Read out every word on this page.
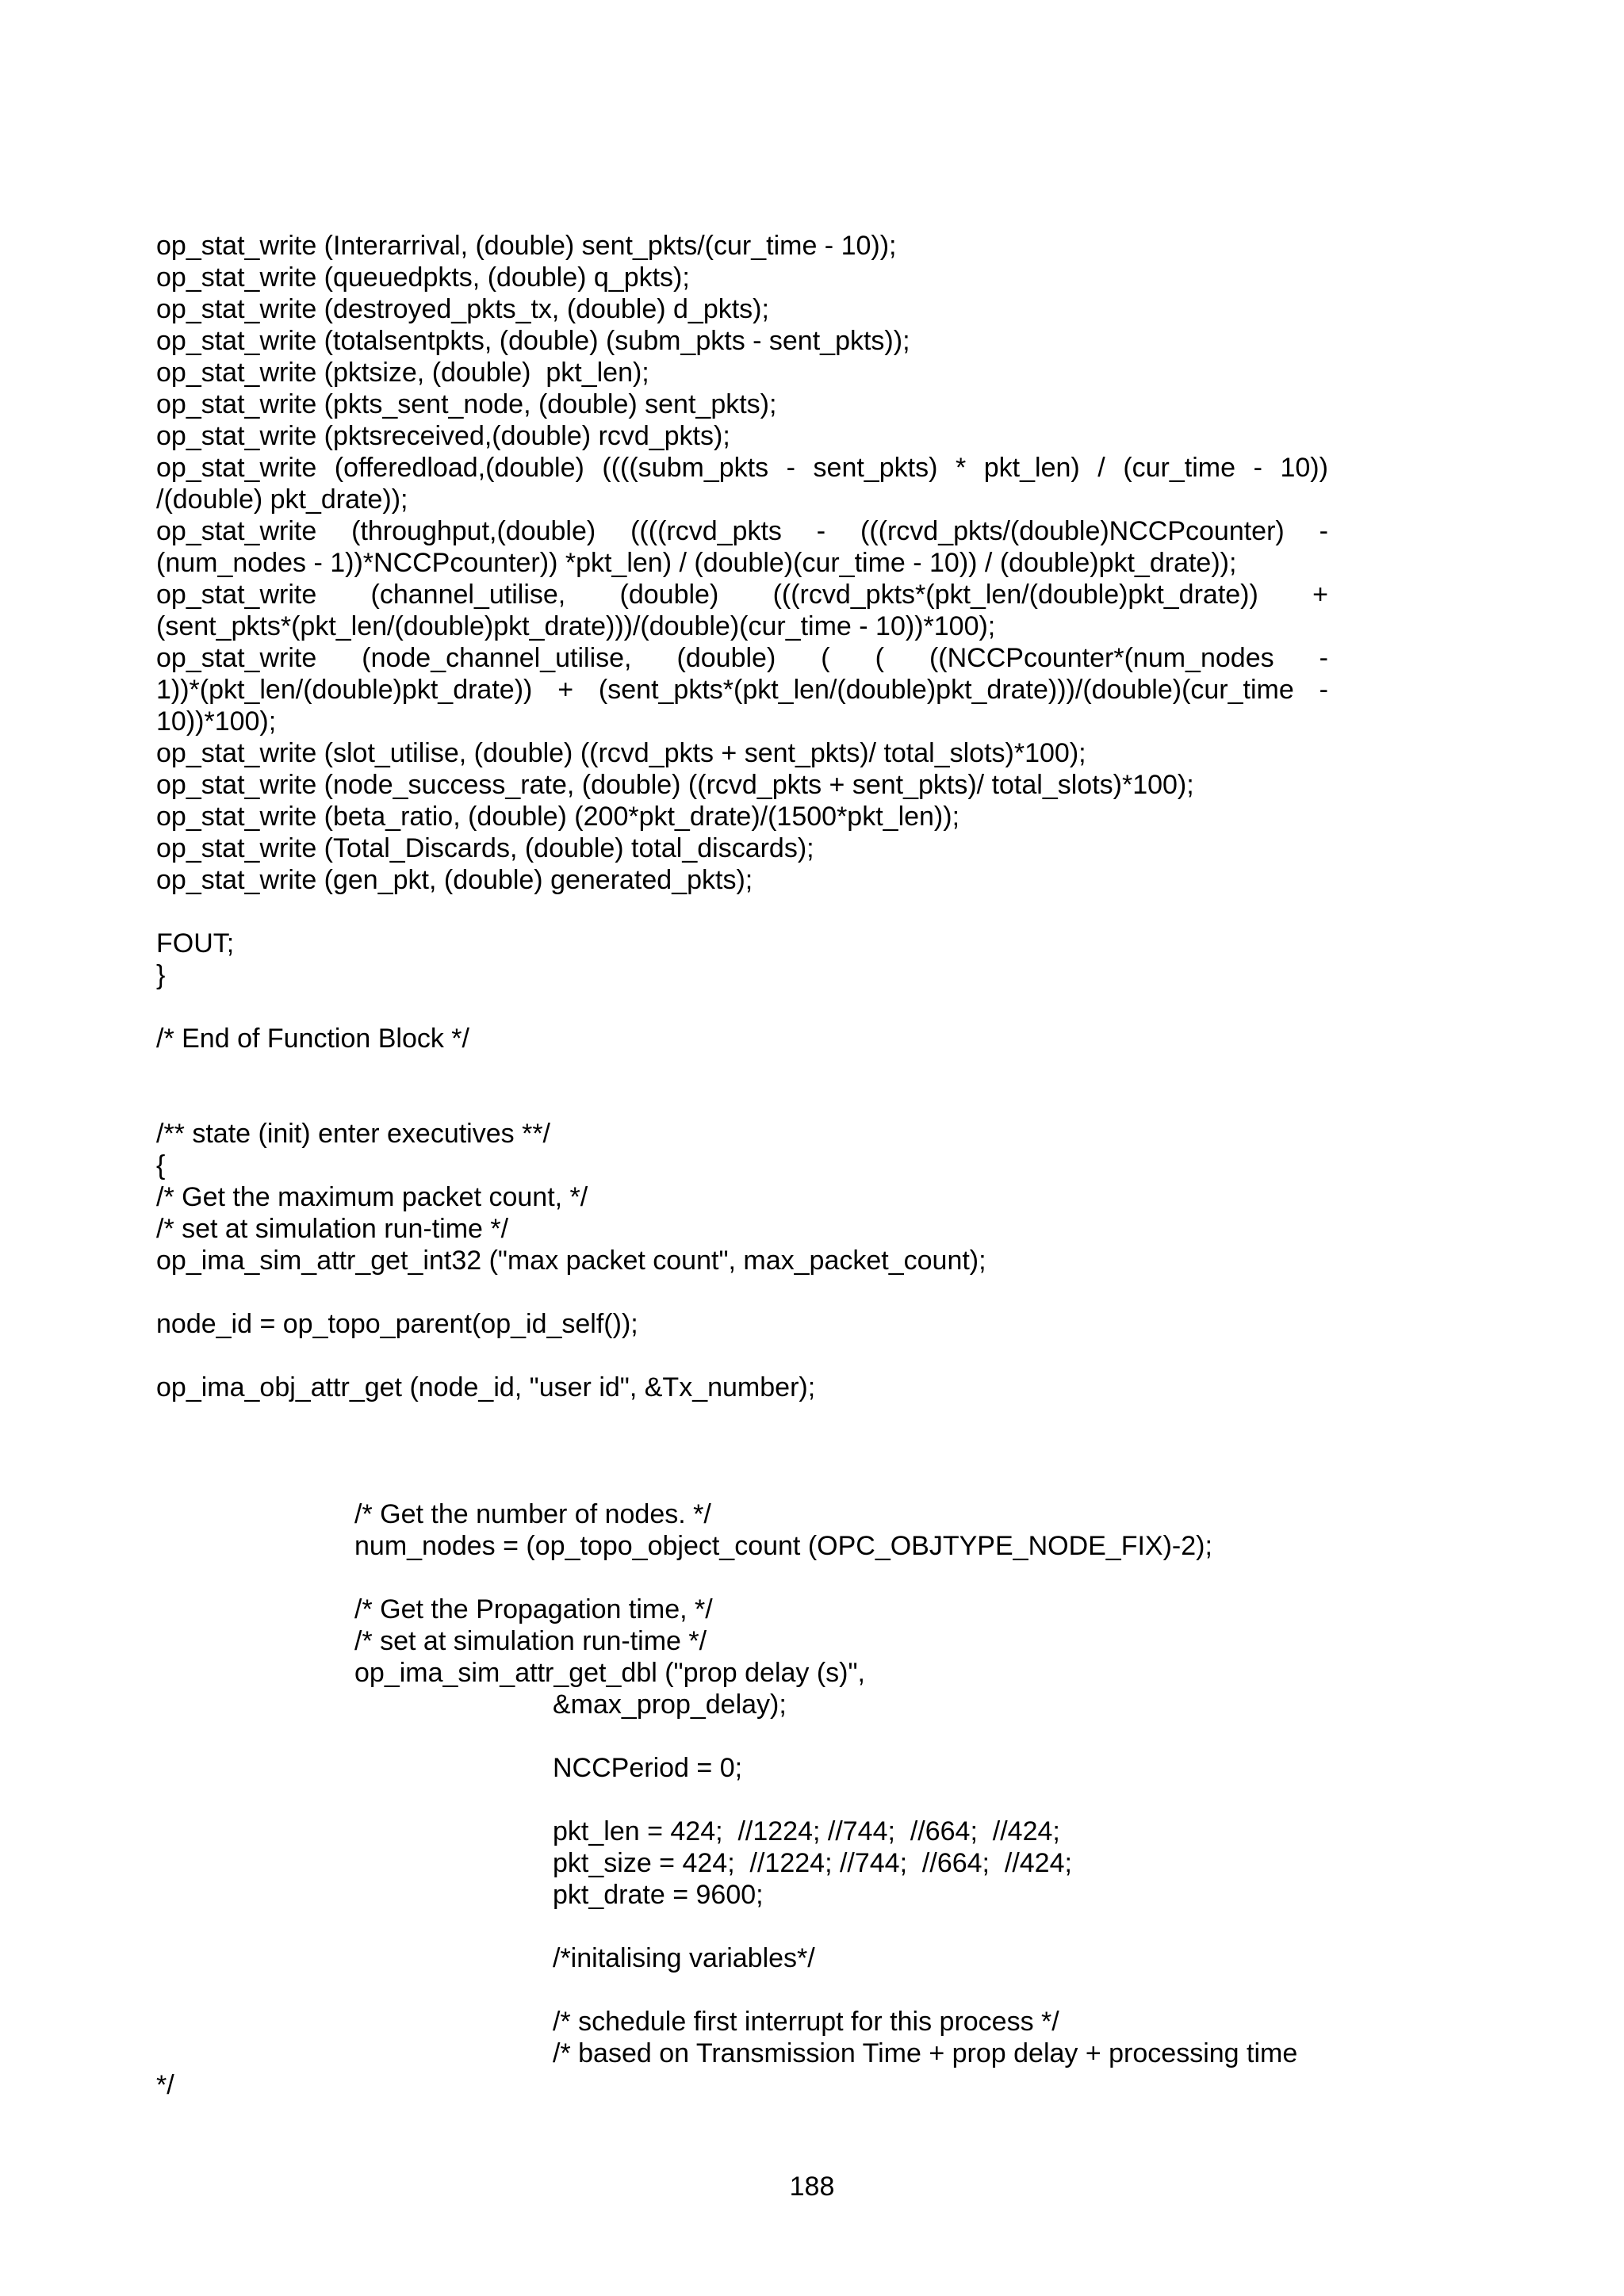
op_stat_write (Interarrival, (double) sent_pkts/(cur_time - 10));
op_stat_write (queuedpkts, (double) q_pkts);
op_stat_write (destroyed_pkts_tx, (double) d_pkts);
op_stat_write (totalsentpkts, (double) (subm_pkts - sent_pkts));
op_stat_write (pktsize, (double)  pkt_len);
op_stat_write (pkts_sent_node, (double) sent_pkts);
op_stat_write (pktsreceived,(double) rcvd_pkts);
op_stat_write (offeredload,(double) ((((subm_pkts - sent_pkts) * pkt_len) / (cur_time - 10))
/(double) pkt_drate));
op_stat_write (throughput,(double) ((((rcvd_pkts - (((rcvd_pkts/(double)NCCPcounter) -
(num_nodes - 1))*NCCPcounter)) *pkt_len) / (double)(cur_time - 10)) / (double)pkt_drate));
op_stat_write (channel_utilise, (double) (((rcvd_pkts*(pkt_len/(double)pkt_drate)) +
(sent_pkts*(pkt_len/(double)pkt_drate)))/(double)(cur_time - 10))*100);
op_stat_write (node_channel_utilise, (double) ( ( ((NCCPcounter*(num_nodes -
1))*(pkt_len/(double)pkt_drate)) + (sent_pkts*(pkt_len/(double)pkt_drate)))/(double)(cur_time -
10))*100);
op_stat_write (slot_utilise, (double) ((rcvd_pkts + sent_pkts)/ total_slots)*100);
op_stat_write (node_success_rate, (double) ((rcvd_pkts + sent_pkts)/ total_slots)*100);
op_stat_write (beta_ratio, (double) (200*pkt_drate)/(1500*pkt_len));
op_stat_write (Total_Discards, (double) total_discards);
op_stat_write (gen_pkt, (double) generated_pkts);
FOUT;
}
/* End of Function Block */
/** state (init) enter executives **/
{
/* Get the maximum packet count, */
/* set at simulation run-time */
op_ima_sim_attr_get_int32 ("max packet count", max_packet_count);
node_id = op_topo_parent(op_id_self());
op_ima_obj_attr_get (node_id, "user id", &Tx_number);
/* Get the number of nodes. */
num_nodes = (op_topo_object_count (OPC_OBJTYPE_NODE_FIX)-2);
/* Get the Propagation time, */
/* set at simulation run-time */
op_ima_sim_attr_get_dbl ("prop delay (s)",
&max_prop_delay);
NCCPeriod = 0;
pkt_len = 424;  //1224; //744;  //664;  //424;
pkt_size = 424;  //1224; //744;  //664;  //424;
pkt_drate = 9600;
/*initalising variables*/
/* schedule first interrupt for this process */
/* based on Transmission Time + prop delay + processing time
*/
188
